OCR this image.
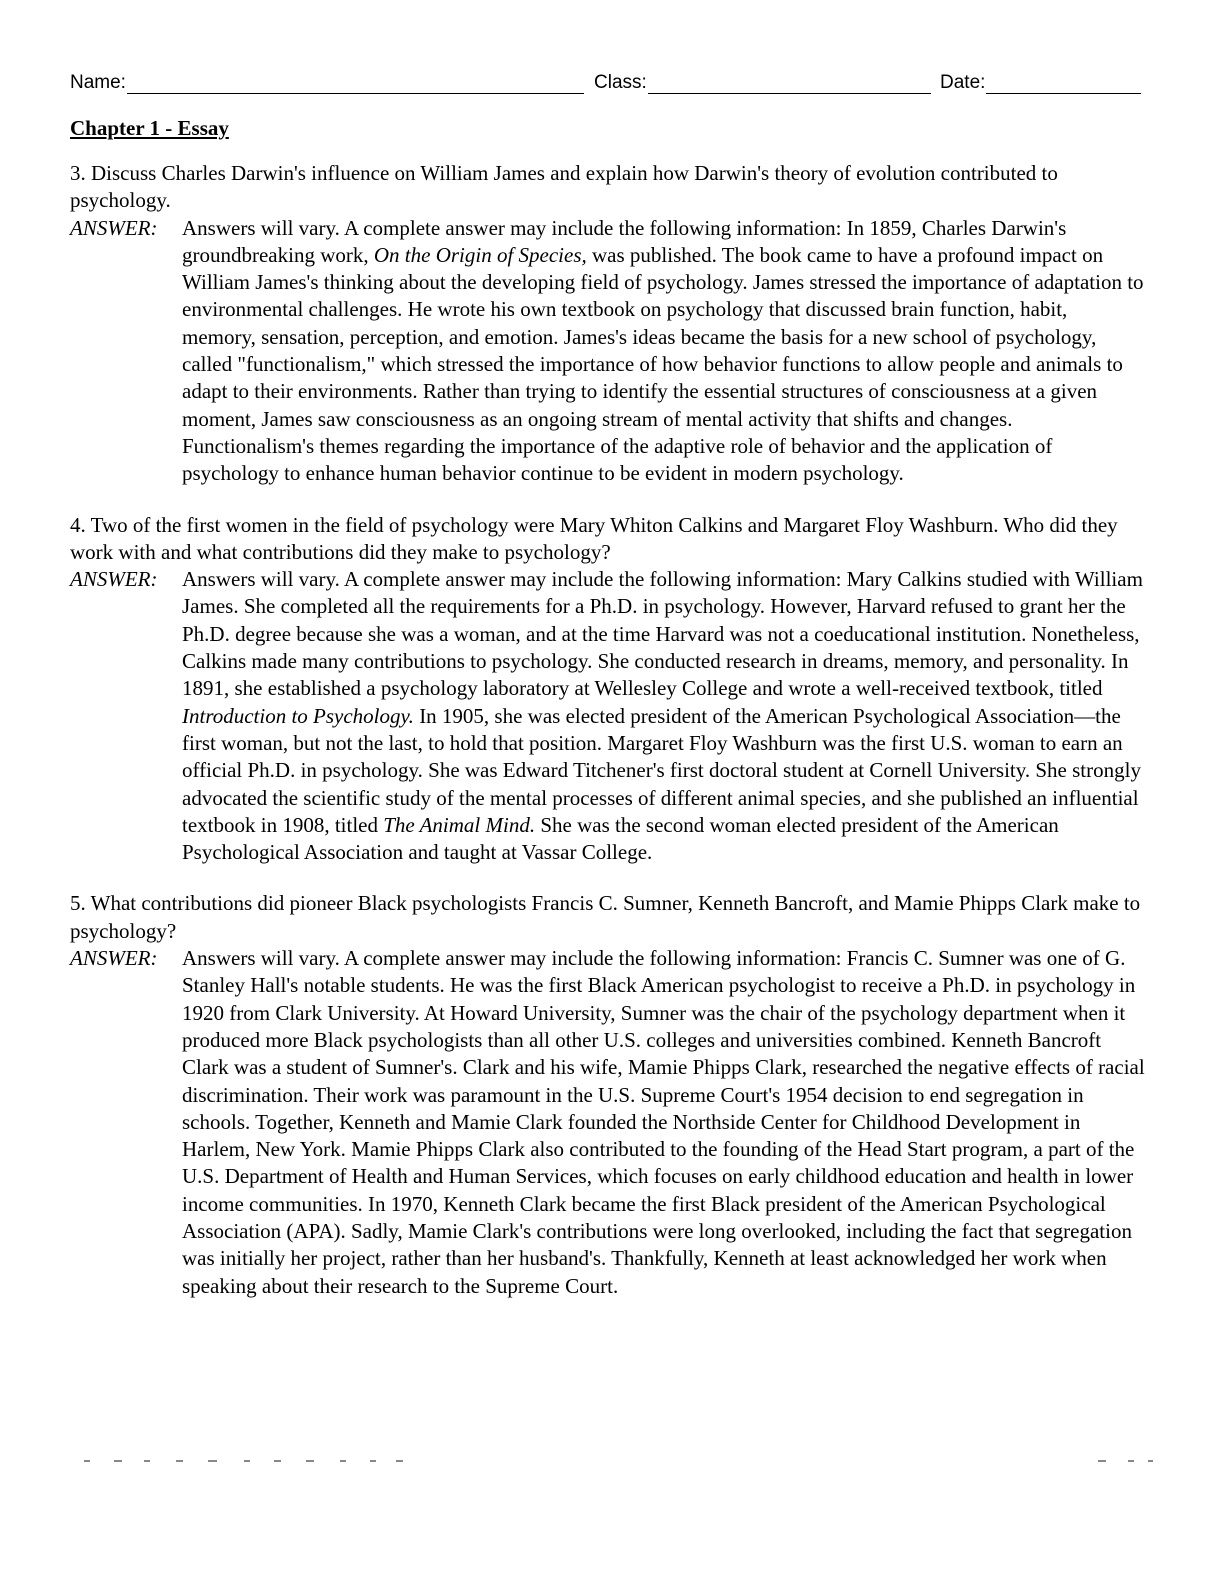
Name:	Class:	Date:
Chapter 1 - Essay

3. Discuss Charles Darwin's influence on William James and explain how Darwin's theory of evolution contributed to psychology.

ANSWER: Answers will vary. A complete answer may include the following information: In 1859, Charles Darwin's groundbreaking work, On the Origin of Species, was published. The book came to have a profound impact on William James's thinking about the developing field of psychology. James stressed the importance of adaptation to environmental challenges. He wrote his own textbook on psychology that discussed brain function, habit, memory, sensation, perception, and emotion. James's ideas became the basis for a new school of psychology, called "functionalism," which stressed the importance of how behavior functions to allow people and animals to adapt to their environments. Rather than trying to identify the essential structures of consciousness at a given moment, James saw consciousness as an ongoing stream of mental activity that shifts and changes. Functionalism's themes regarding the importance of the adaptive role of behavior and the application of psychology to enhance human behavior continue to be evident in modern psychology.

4. Two of the first women in the field of psychology were Mary Whiton Calkins and Margaret Floy Washburn. Who did they work with and what contributions did they make to psychology?

ANSWER: Answers will vary. A complete answer may include the following information: Mary Calkins studied with William James. She completed all the requirements for a Ph.D. in psychology. However, Harvard refused to grant her the Ph.D. degree because she was a woman, and at the time Harvard was not a coeducational institution. Nonetheless, Calkins made many contributions to psychology. She conducted research in dreams, memory, and personality. In 1891, she established a psychology laboratory at Wellesley College and wrote a well-received textbook, titled Introduction to Psychology. In 1905, she was elected president of the American Psychological Association—the first woman, but not the last, to hold that position. Margaret Floy Washburn was the first U.S. woman to earn an official Ph.D. in psychology. She was Edward Titchener's first doctoral student at Cornell University. She strongly advocated the scientific study of the mental processes of different animal species, and she published an influential textbook in 1908, titled The Animal Mind. She was the second woman elected president of the American Psychological Association and taught at Vassar College.

5. What contributions did pioneer Black psychologists Francis C. Sumner, Kenneth Bancroft, and Mamie Phipps Clark make to psychology?

ANSWER: Answers will vary. A complete answer may include the following information: Francis C. Sumner was one of G. Stanley Hall's notable students. He was the first Black American psychologist to receive a Ph.D. in psychology in 1920 from Clark University. At Howard University, Sumner was the chair of the psychology department when it produced more Black psychologists than all other U.S. colleges and universities combined. Kenneth Bancroft Clark was a student of Sumner's. Clark and his wife, Mamie Phipps Clark, researched the negative effects of racial discrimination. Their work was paramount in the U.S. Supreme Court's 1954 decision to end segregation in schools. Together, Kenneth and Mamie Clark founded the Northside Center for Childhood Development in Harlem, New York. Mamie Phipps Clark also contributed to the founding of the Head Start program, a part of the U.S. Department of Health and Human Services, which focuses on early childhood education and health in lower income communities. In 1970, Kenneth Clark became the first Black president of the American Psychological Association (APA). Sadly, Mamie Clark's contributions were long overlooked, including the fact that segregation was initially her project, rather than her husband's. Thankfully, Kenneth at least acknowledged her work when speaking about their research to the Supreme Court.
